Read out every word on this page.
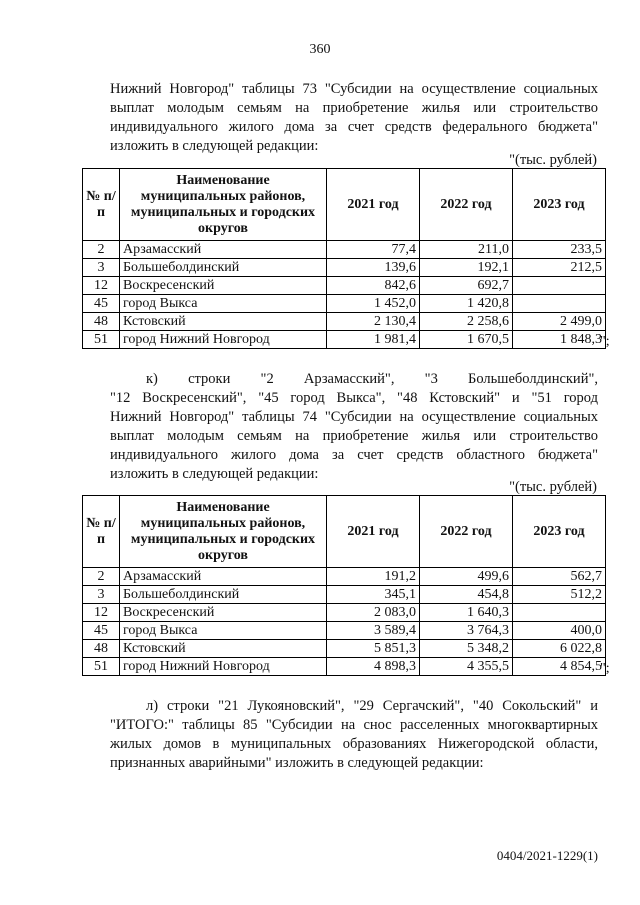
360
Нижний Новгород" таблицы 73 "Субсидии на осуществление социальных
выплат молодым семьям на приобретение жилья или строительство
индивидуального жилого дома за счет средств федерального бюджета"
изложить в следующей редакции:
"(тыс. рублей)
№ п/п	Наименование муниципальных районов, муниципальных и городских округов	2021 год	2022 год	2023 год
2	Арзамасский	77,4	211,0	233,5
3	Большеболдинский	139,6	192,1	212,5
12	Воскресенский	842,6	692,7	
45	город Выкса	1 452,0	1 420,8	
48	Кстовский	2 130,4	2 258,6	2 499,0
51	город Нижний Новгород	1 981,4	1 670,5	1 848,3
";
к) строки "2 Арзамасский", "3 Большеболдинский",
"12 Воскресенский", "45 город Выкса", "48 Кстовский" и "51 город
Нижний Новгород" таблицы 74 "Субсидии на осуществление социальных
выплат молодым семьям на приобретение жилья или строительство
индивидуального жилого дома за счет средств областного бюджета"
изложить в следующей редакции:
"(тыс. рублей)
№ п/п	Наименование муниципальных районов, муниципальных и городских округов	2021 год	2022 год	2023 год
2	Арзамасский	191,2	499,6	562,7
3	Большеболдинский	345,1	454,8	512,2
12	Воскресенский	2 083,0	1 640,3	
45	город Выкса	3 589,4	3 764,3	400,0
48	Кстовский	5 851,3	5 348,2	6 022,8
51	город Нижний Новгород	4 898,3	4 355,5	4 854,5
";
л) строки "21 Лукояновский", "29 Сергачский", "40 Сокольский" и
"ИТОГО:" таблицы 85 "Субсидии на снос расселенных многоквартирных
жилых домов в муниципальных образованиях Нижегородской области,
признанных аварийными" изложить в следующей редакции:
0404/2021-1229(1)
